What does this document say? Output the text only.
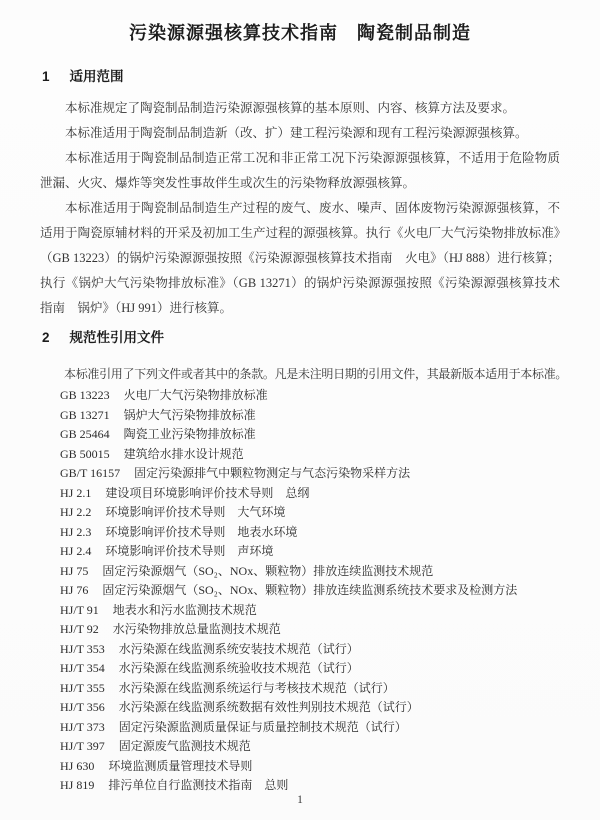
污染源源强核算技术指南　陶瓷制品制造
1 适用范围

本标准规定了陶瓷制品制造污染源源强核算的基本原则、内容、核算方法及要求。

本标准适用于陶瓷制品制造新（改、扩）建工程污染源和现有工程污染源源强核算。

本标准适用于陶瓷制品制造正常工况和非正常工况下污染源源强核算，不适用于危险物质泄漏、火灾、爆炸等突发性事故伴生或次生的污染物释放源强核算。

本标准适用于陶瓷制品制造生产过程的废气、废水、噪声、固体废物污染源源强核算，不适用于陶瓷原辅材料的开采及初加工生产过程的源强核算。执行《火电厂大气污染物排放标准》（GB 13223）的锅炉污染源源强按照《污染源源强核算技术指南　火电》（HJ 888）进行核算；执行《锅炉大气污染物排放标准》（GB 13271）的锅炉污染源源强按照《污染源源强核算技术指南　锅炉》（HJ 991）进行核算。

2 规范性引用文件
本标准引用了下列文件或者其中的条款。凡是未注明日期的引用文件，其最新版本适用于本标准。
GB 13223 火电厂大气污染物排放标准
GB 13271 锅炉大气污染物排放标准
GB 25464 陶瓷工业污染物排放标准
GB 50015 建筑给水排水设计规范
GB/T 16157 固定污染源排气中颗粒物测定与气态污染物采样方法
HJ 2.1 建设项目环境影响评价技术导则　总纲
HJ 2.2 环境影响评价技术导则　大气环境
HJ 2.3 环境影响评价技术导则　地表水环境
HJ 2.4 环境影响评价技术导则　声环境
HJ 75 固定污染源烟气（SO₂、NOx、颗粒物）排放连续监测技术规范
HJ 76 固定污染源烟气（SO₂、NOx、颗粒物）排放连续监测系统技术要求及检测方法
HJ/T 91 地表水和污水监测技术规范
HJ/T 92 水污染物排放总量监测技术规范
HJ/T 353 水污染源在线监测系统安装技术规范（试行）
HJ/T 354 水污染源在线监测系统验收技术规范（试行）
HJ/T 355 水污染源在线监测系统运行与考核技术规范（试行）
HJ/T 356 水污染源在线监测系统数据有效性判别技术规范（试行）
HJ/T 373 固定污染源监测质量保证与质量控制技术规范（试行）
HJ/T 397 固定源废气监测技术规范
HJ 630 环境监测质量管理技术导则
HJ 819 排污单位自行监测技术指南　总则
1
